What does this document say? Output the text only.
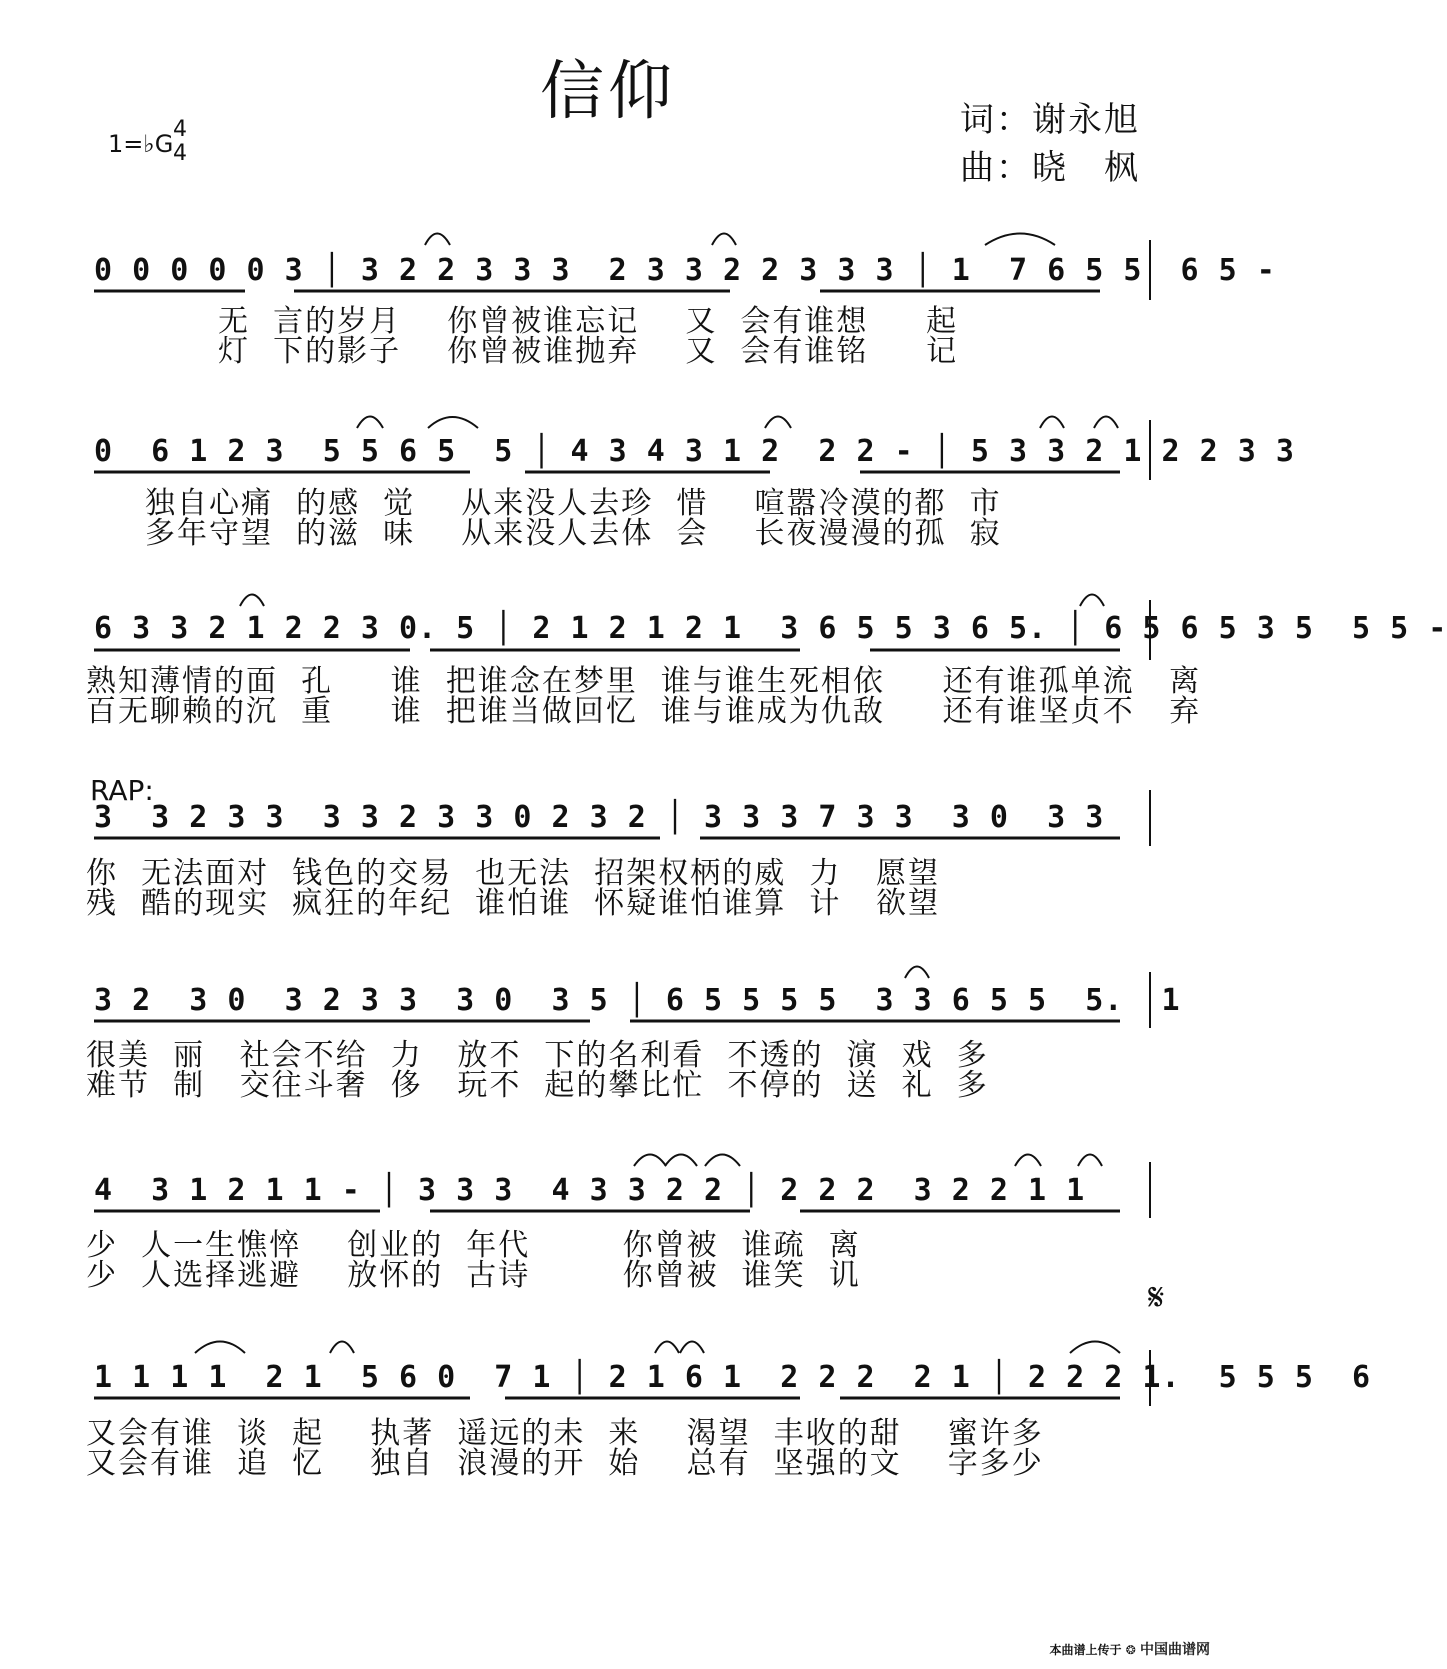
信仰
1=♭G
4
4
词：谢永旭
曲：晓　枫
0 0 0 0 0 3 │ 3 2 2 3 3 3  2 3 3 2 2 3 3 3 │ 1  7 6 5 5  6 5 -
无  言的岁月    你曾被谁忘记    又  会有谁想     起
灯  下的影子    你曾被谁抛弃    又  会有谁铭     记
0  6 1 2 3  5 5 6 5  5 │ 4 3 4 3 1 2  2 2 - │ 5 3 3 2 1 2 2 3 3
独自心痛  的感  觉    从来没人去珍  惜    喧嚣冷漠的都  市
多年守望  的滋  味    从来没人去体  会    长夜漫漫的孤  寂
6 3 3 2 1 2 2 3 0. 5 │ 2 1 2 1 2 1  3 6 5 5 3 6 5. │ 6 5 6 5 3 5  5 5 -
熟知薄情的面  孔     谁  把谁念在梦里  谁与谁生死相依     还有谁孤单流   离
百无聊赖的沉  重     谁  把谁当做回忆  谁与谁成为仇敌     还有谁坚贞不   弃
RAP:
3  3 2 3 3  3 3 2 3 3 0 2 3 2 │ 3 3 3 7 3 3  3 0  3 3
你  无法面对  钱色的交易  也无法  招架权柄的威  力   愿望
残  酷的现实  疯狂的年纪  谁怕谁  怀疑谁怕谁算  计   欲望
3 2  3 0  3 2 3 3  3 0  3 5 │ 6 5 5 5 5  3 3 6 5 5  5.  1
很美  丽   社会不给  力   放不  下的名利看  不透的  演  戏  多
难节  制   交往斗奢  侈   玩不  起的攀比忙  不停的  送  礼  多
4  3 1 2 1 1 - │ 3 3 3  4 3 3 2 2 │ 2 2 2  3 2 2 1 1
少  人一生憔悴    创业的  年代        你曾被  谁疏  离
少  人选择逃避    放怀的  古诗        你曾被  谁笑  讥
1 1 1 1  2 1  5 6 0  7 1 │ 2 1 6 1  2 2 2  2 1 │ 2 2 2 1.  5 5 5  6
又会有谁  谈  起    执著  遥远的未  来    渴望  丰收的甜    蜜许多
又会有谁  追  忆    独自  浪漫的开  始    总有  坚强的文    字多少
𝄋
本曲谱上传于 ❂ 中国曲谱网
